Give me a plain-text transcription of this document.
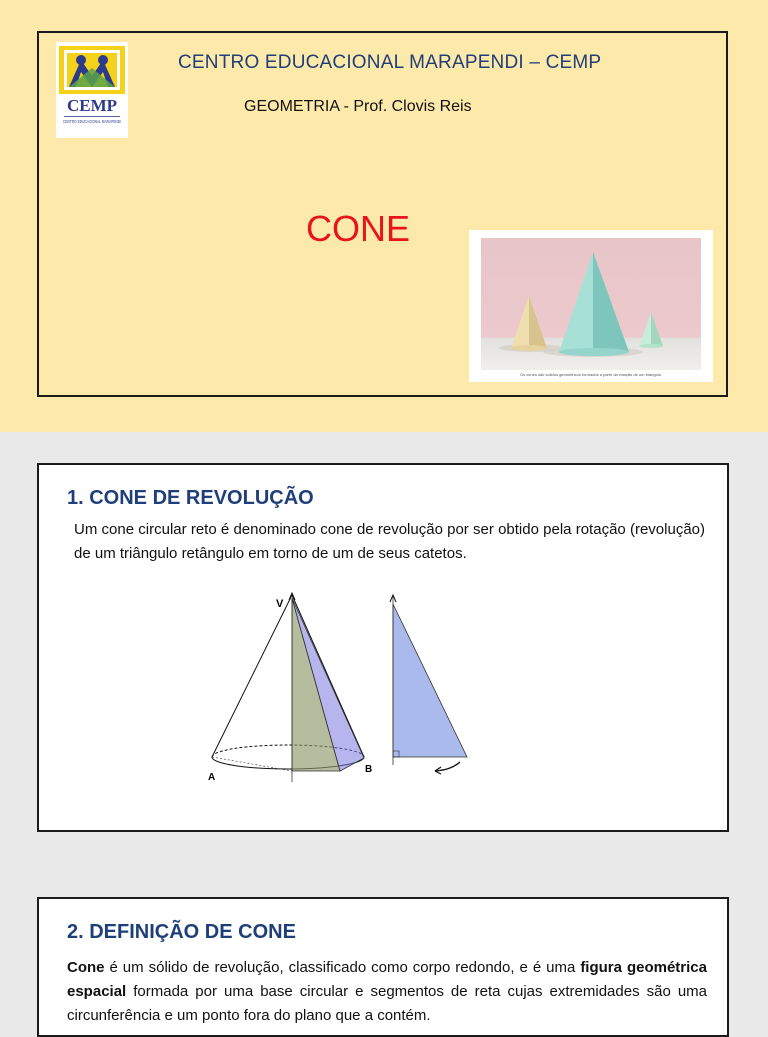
CEMP
CENTRO EDUCACIONAL MARAPENDI
CENTRO EDUCACIONAL MARAPENDI – CEMP
GEOMETRIA - Prof. Clovis Reis
CONE
Os cones são sólidos geométricos formados a partir da rotação de um triângulo.
1. CONE DE REVOLUÇÃO
Um cone circular reto é denominado cone de revolução por ser obtido pela rotação (revolução) de um triângulo retângulo em torno de um de seus catetos.
V
A
B
2. DEFINIÇÃO DE CONE
Cone é um sólido de revolução, classificado como corpo redondo, e é uma figura geométrica espacial formada por uma base circular e segmentos de reta cujas extremidades são uma circunferência e um ponto fora do plano que a contém.
